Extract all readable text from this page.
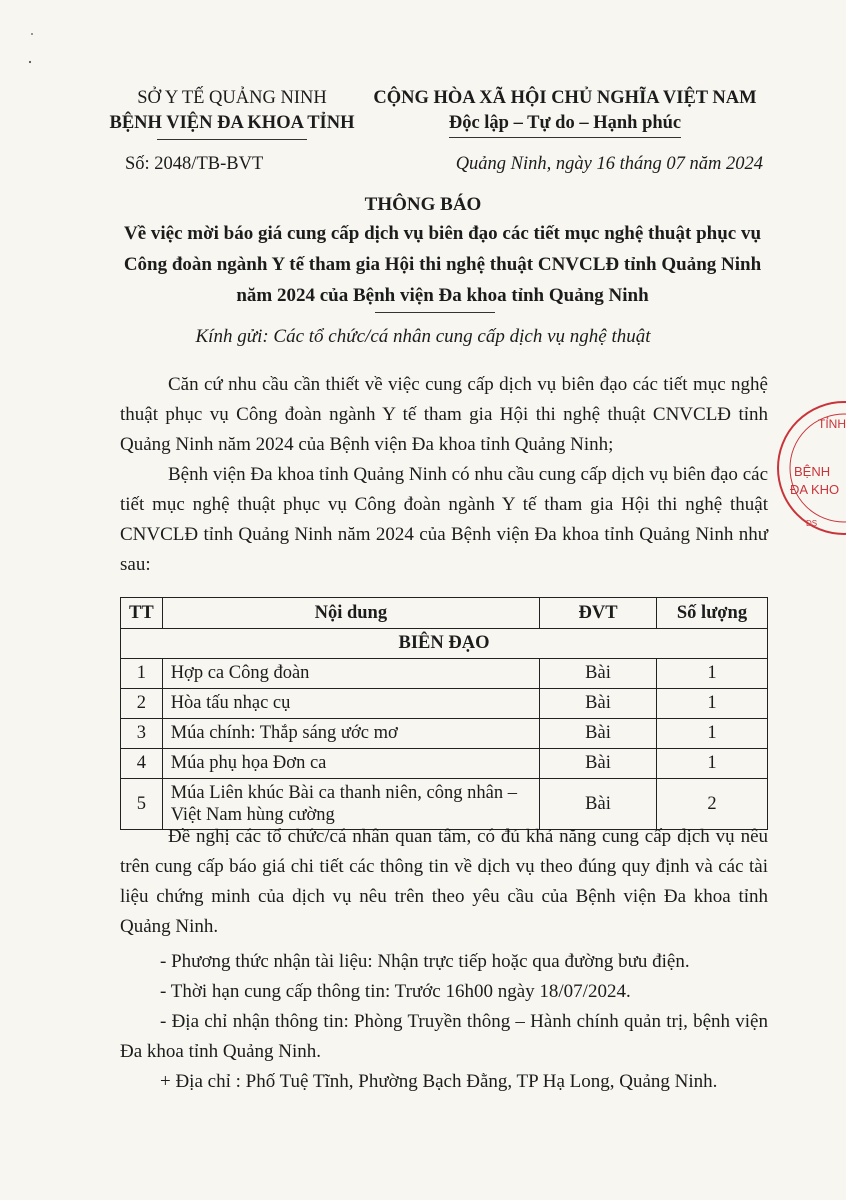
SỞ Y TẾ QUẢNG NINH
BỆNH VIỆN ĐA KHOA TỈNH
CỘNG HÒA XÃ HỘI CHỦ NGHĨA VIỆT NAM
Độc lập – Tự do – Hạnh phúc
Số: 2048/TB-BVT	Quảng Ninh, ngày 16 tháng 07 năm 2024
THÔNG BÁO
Về việc mời báo giá cung cấp dịch vụ biên đạo các tiết mục nghệ thuật phục vụ Công đoàn ngành Y tế tham gia Hội thi nghệ thuật CNVCLĐ tỉnh Quảng Ninh năm 2024 của Bệnh viện Đa khoa tỉnh Quảng Ninh
Kính gửi: Các tổ chức/cá nhân cung cấp dịch vụ nghệ thuật

Căn cứ nhu cầu cần thiết về việc cung cấp dịch vụ biên đạo các tiết mục nghệ thuật phục vụ Công đoàn ngành Y tế tham gia Hội thi nghệ thuật CNVCLĐ tỉnh Quảng Ninh năm 2024 của Bệnh viện Đa khoa tỉnh Quảng Ninh;

Bệnh viện Đa khoa tỉnh Quảng Ninh có nhu cầu cung cấp dịch vụ biên đạo các tiết mục nghệ thuật phục vụ Công đoàn ngành Y tế tham gia Hội thi nghệ thuật CNVCLĐ tỉnh Quảng Ninh năm 2024 của Bệnh viện Đa khoa tỉnh Quảng Ninh như sau:

TT	Nội dung	ĐVT	Số lượng
BIÊN ĐẠO			
1	Hợp ca Công đoàn	Bài	1
2	Hòa tấu nhạc cụ	Bài	1
3	Múa chính: Thắp sáng ước mơ	Bài	1
4	Múa phụ họa Đơn ca	Bài	1
5	Múa Liên khúc Bài ca thanh niên, công nhân – Việt Nam hùng cường	Bài	2

Đề nghị các tổ chức/cá nhân quan tâm, có đủ khả năng cung cấp dịch vụ nêu trên cung cấp báo giá chi tiết các thông tin về dịch vụ theo đúng quy định và các tài liệu chứng minh của dịch vụ nêu trên theo yêu cầu của Bệnh viện Đa khoa tỉnh Quảng Ninh.

- Phương thức nhận tài liệu: Nhận trực tiếp hoặc qua đường bưu điện.

- Thời hạn cung cấp thông tin: Trước 16h00 ngày 18/07/2024.

- Địa chỉ nhận thông tin: Phòng Truyền thông – Hành chính quản trị, bệnh viện Đa khoa tỉnh Quảng Ninh.

+ Địa chỉ : Phố Tuệ Tĩnh, Phường Bạch Đằng, TP Hạ Long, Quảng Ninh.

TỈNH
BỆNH
ĐA KHO
ĐS
